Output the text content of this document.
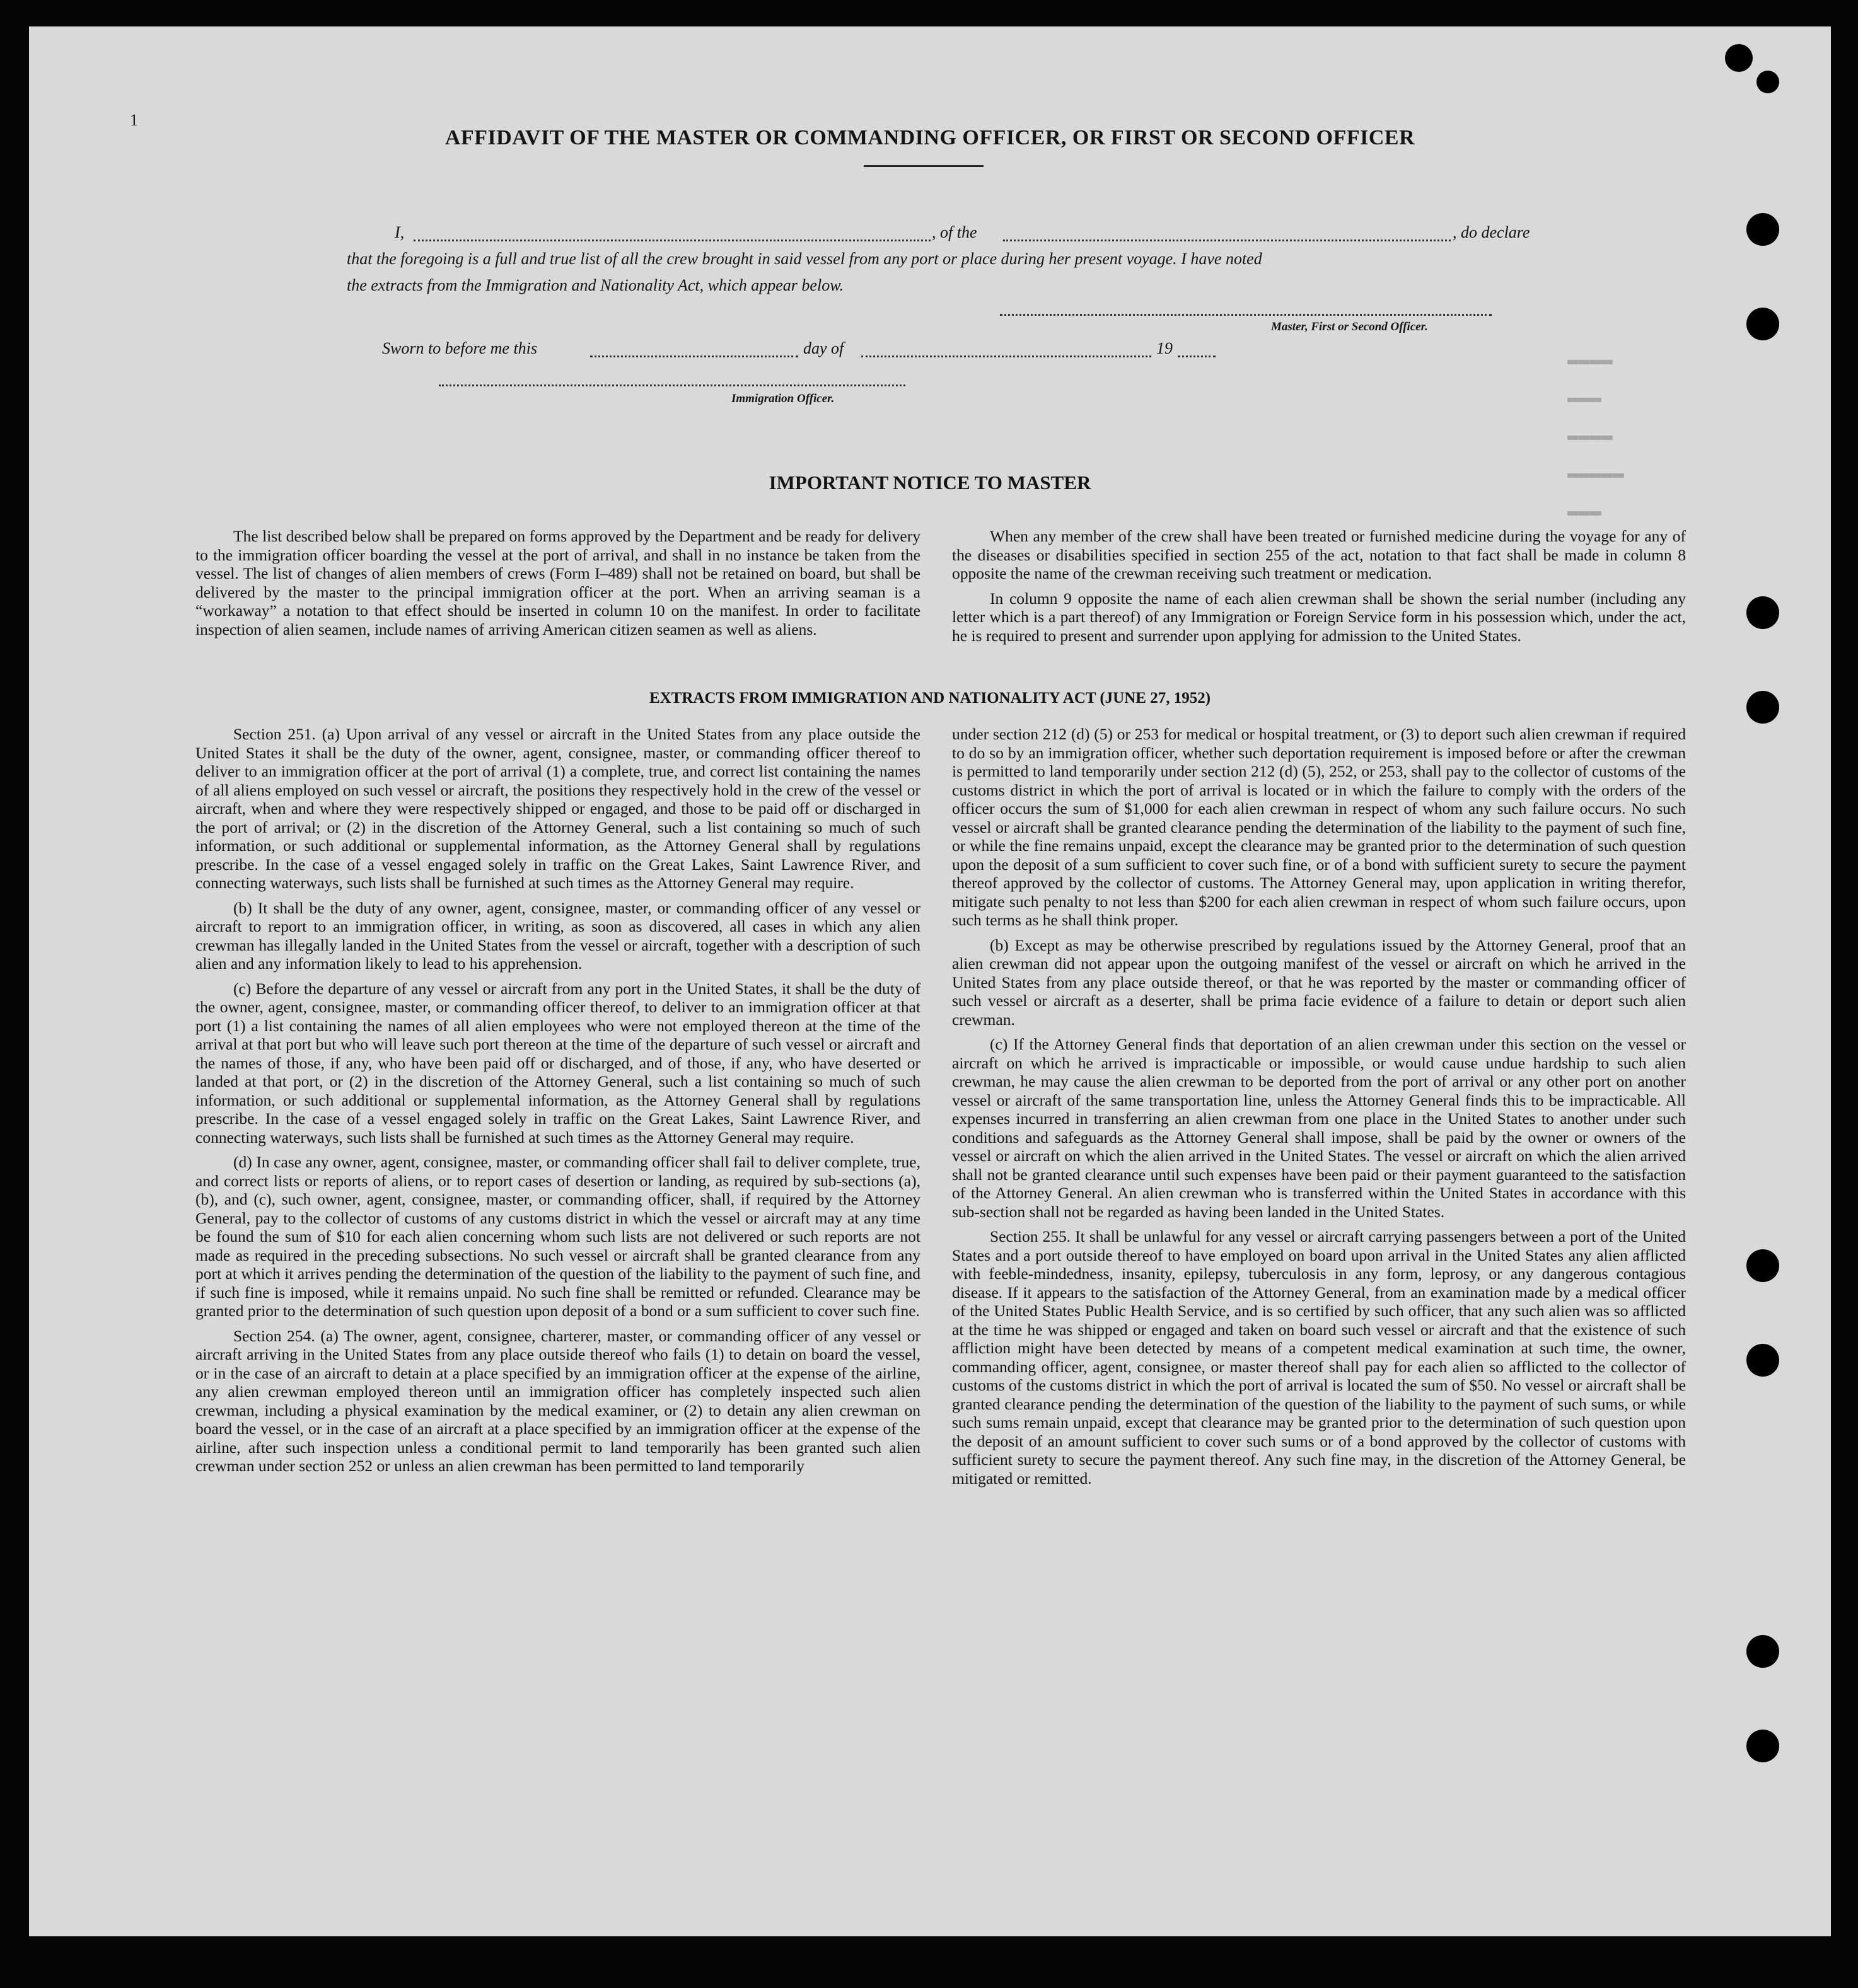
▬▬▬▬
▬▬▬
▬▬▬▬
▬▬▬▬▬
▬▬▬
1
AFFIDAVIT OF THE MASTER OR COMMANDING OFFICER, OR FIRST OR SECOND OFFICER
I,	, of the	, do declare
that the foregoing is a full and true list of all the crew brought in said vessel from any port or place during her present voyage. I have noted
the extracts from the Immigration and Nationality Act, which appear below.
Master, First or Second Officer.
Sworn to before me this	day of	19
Immigration Officer.
IMPORTANT NOTICE TO MASTER

The list described below shall be prepared on forms approved by the Department and be ready for delivery to the immigration officer boarding the vessel at the port of arrival, and shall in no instance be taken from the vessel. The list of changes of alien members of crews (Form I–489) shall not be retained on board, but shall be delivered by the master to the principal immigration officer at the port. When an arriving seaman is a “workaway” a notation to that effect should be inserted in column 10 on the manifest. In order to facilitate inspection of alien seamen, include names of arriving American citizen seamen as well as aliens.

When any member of the crew shall have been treated or furnished medicine during the voyage for any of the diseases or disabilities specified in section 255 of the act, notation to that fact shall be made in column 8 opposite the name of the crewman receiving such treatment or medication.

In column 9 opposite the name of each alien crewman shall be shown the serial number (including any letter which is a part thereof) of any Immigration or Foreign Service form in his possession which, under the act, he is required to present and surrender upon applying for admission to the United States.

EXTRACTS FROM IMMIGRATION AND NATIONALITY ACT (JUNE 27, 1952)

Section 251. (a) Upon arrival of any vessel or aircraft in the United States from any place outside the United States it shall be the duty of the owner, agent, consignee, master, or commanding officer thereof to deliver to an immigration officer at the port of arrival (1) a complete, true, and correct list containing the names of all aliens employed on such vessel or aircraft, the positions they respectively hold in the crew of the vessel or aircraft, when and where they were respectively shipped or engaged, and those to be paid off or discharged in the port of arrival; or (2) in the discretion of the Attorney General, such a list containing so much of such information, or such additional or supplemental information, as the Attorney General shall by regulations prescribe. In the case of a vessel engaged solely in traffic on the Great Lakes, Saint Lawrence River, and connecting waterways, such lists shall be furnished at such times as the Attorney General may require.

(b) It shall be the duty of any owner, agent, consignee, master, or commanding officer of any vessel or aircraft to report to an immigration officer, in writing, as soon as discovered, all cases in which any alien crewman has illegally landed in the United States from the vessel or aircraft, together with a description of such alien and any information likely to lead to his apprehension.

(c) Before the departure of any vessel or aircraft from any port in the United States, it shall be the duty of the owner, agent, consignee, master, or commanding officer thereof, to deliver to an immigration officer at that port (1) a list containing the names of all alien employees who were not employed thereon at the time of the arrival at that port but who will leave such port thereon at the time of the departure of such vessel or aircraft and the names of those, if any, who have been paid off or discharged, and of those, if any, who have deserted or landed at that port, or (2) in the discretion of the Attorney General, such a list containing so much of such information, or such additional or supplemental information, as the Attorney General shall by regulations prescribe. In the case of a vessel engaged solely in traffic on the Great Lakes, Saint Lawrence River, and connecting waterways, such lists shall be furnished at such times as the Attorney General may require.

(d) In case any owner, agent, consignee, master, or commanding officer shall fail to deliver complete, true, and correct lists or reports of aliens, or to report cases of desertion or landing, as required by sub-sections (a), (b), and (c), such owner, agent, consignee, master, or commanding officer, shall, if required by the Attorney General, pay to the collector of customs of any customs district in which the vessel or aircraft may at any time be found the sum of $10 for each alien concerning whom such lists are not delivered or such reports are not made as required in the preceding subsections. No such vessel or aircraft shall be granted clearance from any port at which it arrives pending the determination of the question of the liability to the payment of such fine, and if such fine is imposed, while it remains unpaid. No such fine shall be remitted or refunded. Clearance may be granted prior to the determination of such question upon deposit of a bond or a sum sufficient to cover such fine.

Section 254. (a) The owner, agent, consignee, charterer, master, or commanding officer of any vessel or aircraft arriving in the United States from any place outside thereof who fails (1) to detain on board the vessel, or in the case of an aircraft to detain at a place specified by an immigration officer at the expense of the airline, any alien crewman employed thereon until an immigration officer has completely inspected such alien crewman, including a physical examination by the medical examiner, or (2) to detain any alien crewman on board the vessel, or in the case of an aircraft at a place specified by an immigration officer at the expense of the airline, after such inspection unless a conditional permit to land temporarily has been granted such alien crewman under section 252 or unless an alien crewman has been permitted to land temporarily

under section 212 (d) (5) or 253 for medical or hospital treatment, or (3) to deport such alien crewman if required to do so by an immigration officer, whether such deportation requirement is imposed before or after the crewman is permitted to land temporarily under section 212 (d) (5), 252, or 253, shall pay to the collector of customs of the customs district in which the port of arrival is located or in which the failure to comply with the orders of the officer occurs the sum of $1,000 for each alien crewman in respect of whom any such failure occurs. No such vessel or aircraft shall be granted clearance pending the determination of the liability to the payment of such fine, or while the fine remains unpaid, except the clearance may be granted prior to the determination of such question upon the deposit of a sum sufficient to cover such fine, or of a bond with sufficient surety to secure the payment thereof approved by the collector of customs. The Attorney General may, upon application in writing therefor, mitigate such penalty to not less than $200 for each alien crewman in respect of whom such failure occurs, upon such terms as he shall think proper.

(b) Except as may be otherwise prescribed by regulations issued by the Attorney General, proof that an alien crewman did not appear upon the outgoing manifest of the vessel or aircraft on which he arrived in the United States from any place outside thereof, or that he was reported by the master or commanding officer of such vessel or aircraft as a deserter, shall be prima facie evidence of a failure to detain or deport such alien crewman.

(c) If the Attorney General finds that deportation of an alien crewman under this section on the vessel or aircraft on which he arrived is impracticable or impossible, or would cause undue hardship to such alien crewman, he may cause the alien crewman to be deported from the port of arrival or any other port on another vessel or aircraft of the same transportation line, unless the Attorney General finds this to be impracticable. All expenses incurred in transferring an alien crewman from one place in the United States to another under such conditions and safeguards as the Attorney General shall impose, shall be paid by the owner or owners of the vessel or aircraft on which the alien arrived in the United States. The vessel or aircraft on which the alien arrived shall not be granted clearance until such expenses have been paid or their payment guaranteed to the satisfaction of the Attorney General. An alien crewman who is transferred within the United States in accordance with this sub-section shall not be regarded as having been landed in the United States.

Section 255. It shall be unlawful for any vessel or aircraft carrying passengers between a port of the United States and a port outside thereof to have employed on board upon arrival in the United States any alien afflicted with feeble-mindedness, insanity, epilepsy, tuberculosis in any form, leprosy, or any dangerous contagious disease. If it appears to the satisfaction of the Attorney General, from an examination made by a medical officer of the United States Public Health Service, and is so certified by such officer, that any such alien was so afflicted at the time he was shipped or engaged and taken on board such vessel or aircraft and that the existence of such affliction might have been detected by means of a competent medical examination at such time, the owner, commanding officer, agent, consignee, or master thereof shall pay for each alien so afflicted to the collector of customs of the customs district in which the port of arrival is located the sum of $50. No vessel or aircraft shall be granted clearance pending the determination of the question of the liability to the payment of such sums, or while such sums remain unpaid, except that clearance may be granted prior to the determination of such question upon the deposit of an amount sufficient to cover such sums or of a bond approved by the collector of customs with sufficient surety to secure the payment thereof. Any such fine may, in the discretion of the Attorney General, be mitigated or remitted.
